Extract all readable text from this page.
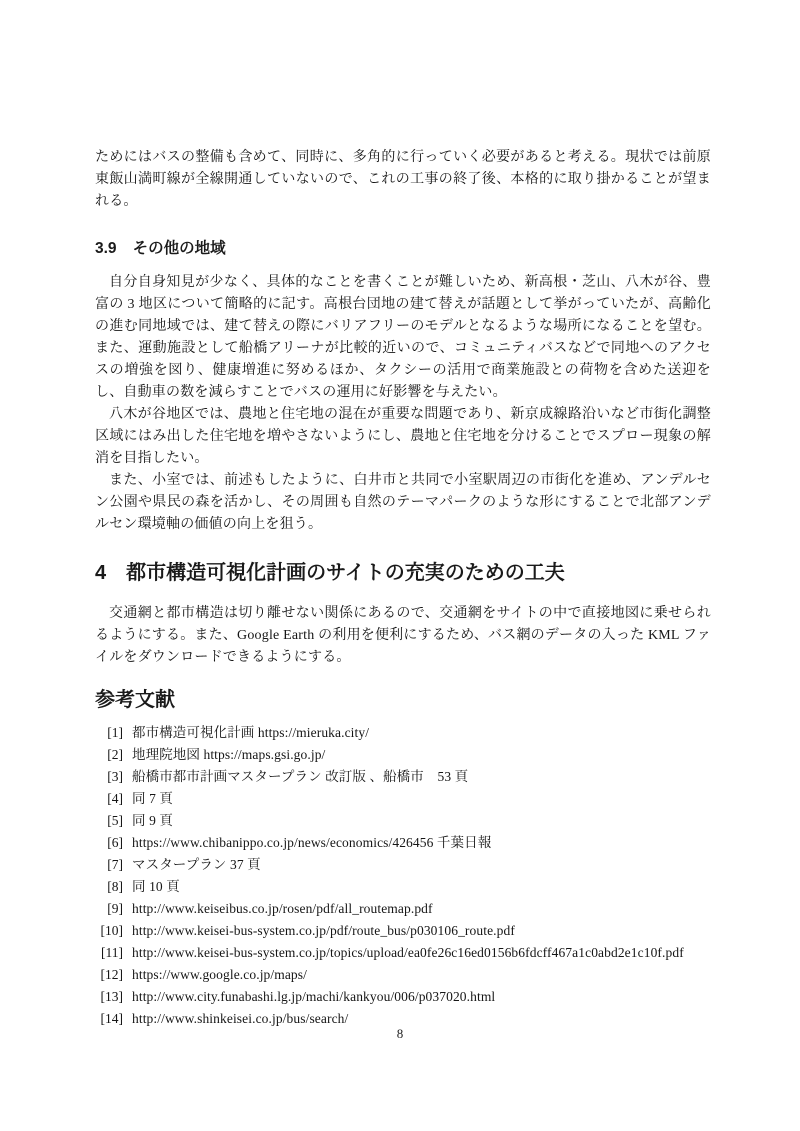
ためにはバスの整備も含めて、同時に、多角的に行っていく必要があると考える。現状では前原東飯山満町線が全線開通していないので、これの工事の終了後、本格的に取り掛かることが望まれる。

3.9 その他の地域

自分自身知見が少なく、具体的なことを書くことが難しいため、新高根・芝山、八木が谷、豊富の 3 地区について簡略的に記す。高根台団地の建て替えが話題として挙がっていたが、高齢化の進む同地域では、建て替えの際にバリアフリーのモデルとなるような場所になることを望む。また、運動施設として船橋アリーナが比較的近いので、コミュニティバスなどで同地へのアクセスの増強を図り、健康増進に努めるほか、タクシーの活用で商業施設との荷物を含めた送迎をし、自動車の数を減らすことでバスの運用に好影響を与えたい。

八木が谷地区では、農地と住宅地の混在が重要な問題であり、新京成線路沿いなど市街化調整区域にはみ出した住宅地を増やさないようにし、農地と住宅地を分けることでスプロー現象の解消を目指したい。

また、小室では、前述もしたように、白井市と共同で小室駅周辺の市街化を進め、アンデルセン公園や県民の森を活かし、その周囲も自然のテーマパークのような形にすることで北部アンデルセン環境軸の価値の向上を狙う。

4 都市構造可視化計画のサイトの充実のための工夫

交通網と都市構造は切り離せない関係にあるので、交通網をサイトの中で直接地図に乗せられるようにする。また、Google Earth の利用を便利にするため、バス網のデータの入った KML ファイルをダウンロードできるようにする。

参考文献
[1] 都市構造可視化計画 https://mieruka.city/
[2] 地理院地図 https://maps.gsi.go.jp/
[3] 船橋市都市計画マスタープラン 改訂版 、船橋市　53 頁
[4] 同 7 頁
[5] 同 9 頁
[6] https://www.chibanippo.co.jp/news/economics/426456 千葉日報
[7] マスタープラン 37 頁
[8] 同 10 頁
[9] http://www.keiseibus.co.jp/rosen/pdf/all_routemap.pdf
[10] http://www.keisei-bus-system.co.jp/pdf/route_bus/p030106_route.pdf
[11] http://www.keisei-bus-system.co.jp/topics/upload/ea0fe26c16ed0156b6fdcff467a1c0abd2e1c10f.pdf
[12] https://www.google.co.jp/maps/
[13] http://www.city.funabashi.lg.jp/machi/kankyou/006/p037020.html
[14] http://www.shinkeisei.co.jp/bus/search/
8
